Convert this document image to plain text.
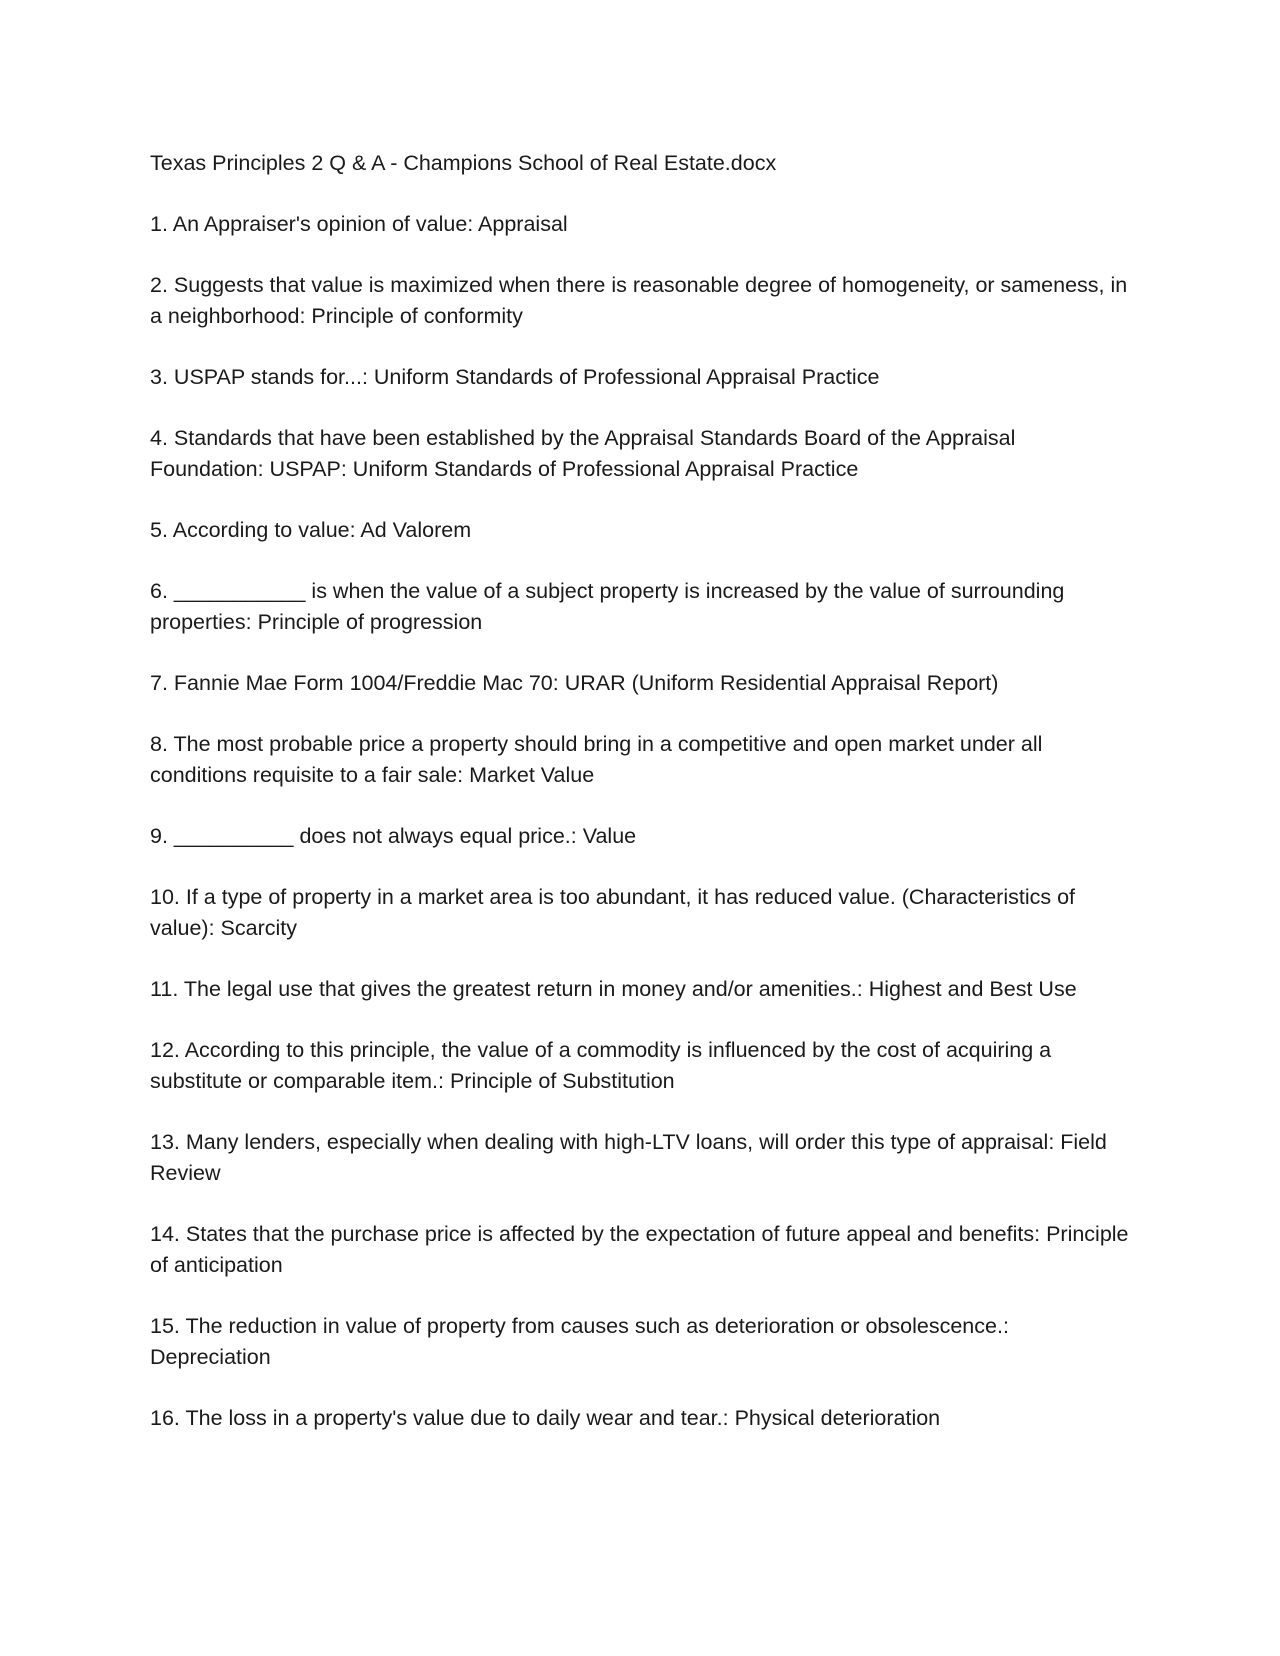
Texas Principles 2 Q & A - Champions School of Real Estate.docx

1 . An Appraiser's opinion of value : Appraisal

2 . Suggests that value is maximized when there is reasonable degree of homogeneity, or sameness, in a neighborhood : Principle of conformity

3 . USPAP stands for... : Uniform Standards of Professional Appraisal Practice

4 . Standards that have been established by the Appraisal Standards Board of the Appraisal Foundation : USPAP: Uniform Standards of Professional Appraisal Practice

5 . According to value : Ad Valorem

6 . ___________ is when the value of a subject property is increased by the value of surrounding properties : Principle of progression

7 . Fannie Mae Form 1004/Freddie Mac 70 : URAR (Uniform Residential Appraisal Report)

8 . The most probable price a property should bring in a competitive and open market under all conditions requisite to a fair sale : Market Value

9 . __________ does not always equal price. : Value

10 . If a type of property in a market area is too abundant, it has reduced value. (Characteristics of value) : Scarcity

11 . The legal use that gives the greatest return in money and/or amenities. : Highest and Best Use

12 . According to this principle, the value of a commodity is influenced by the cost of acquiring a substitute or comparable item. : Principle of Substitution

13 . Many lenders, especially when dealing with high-LTV loans, will order this type of appraisal : Field Review

14 . States that the purchase price is affected by the expectation of future appeal and benefits : Principle of anticipation

15 . The reduction in value of property from causes such as deterioration or obsolescence. : Depreciation

16 . The loss in a property's value due to daily wear and tear. : Physical deterioration
